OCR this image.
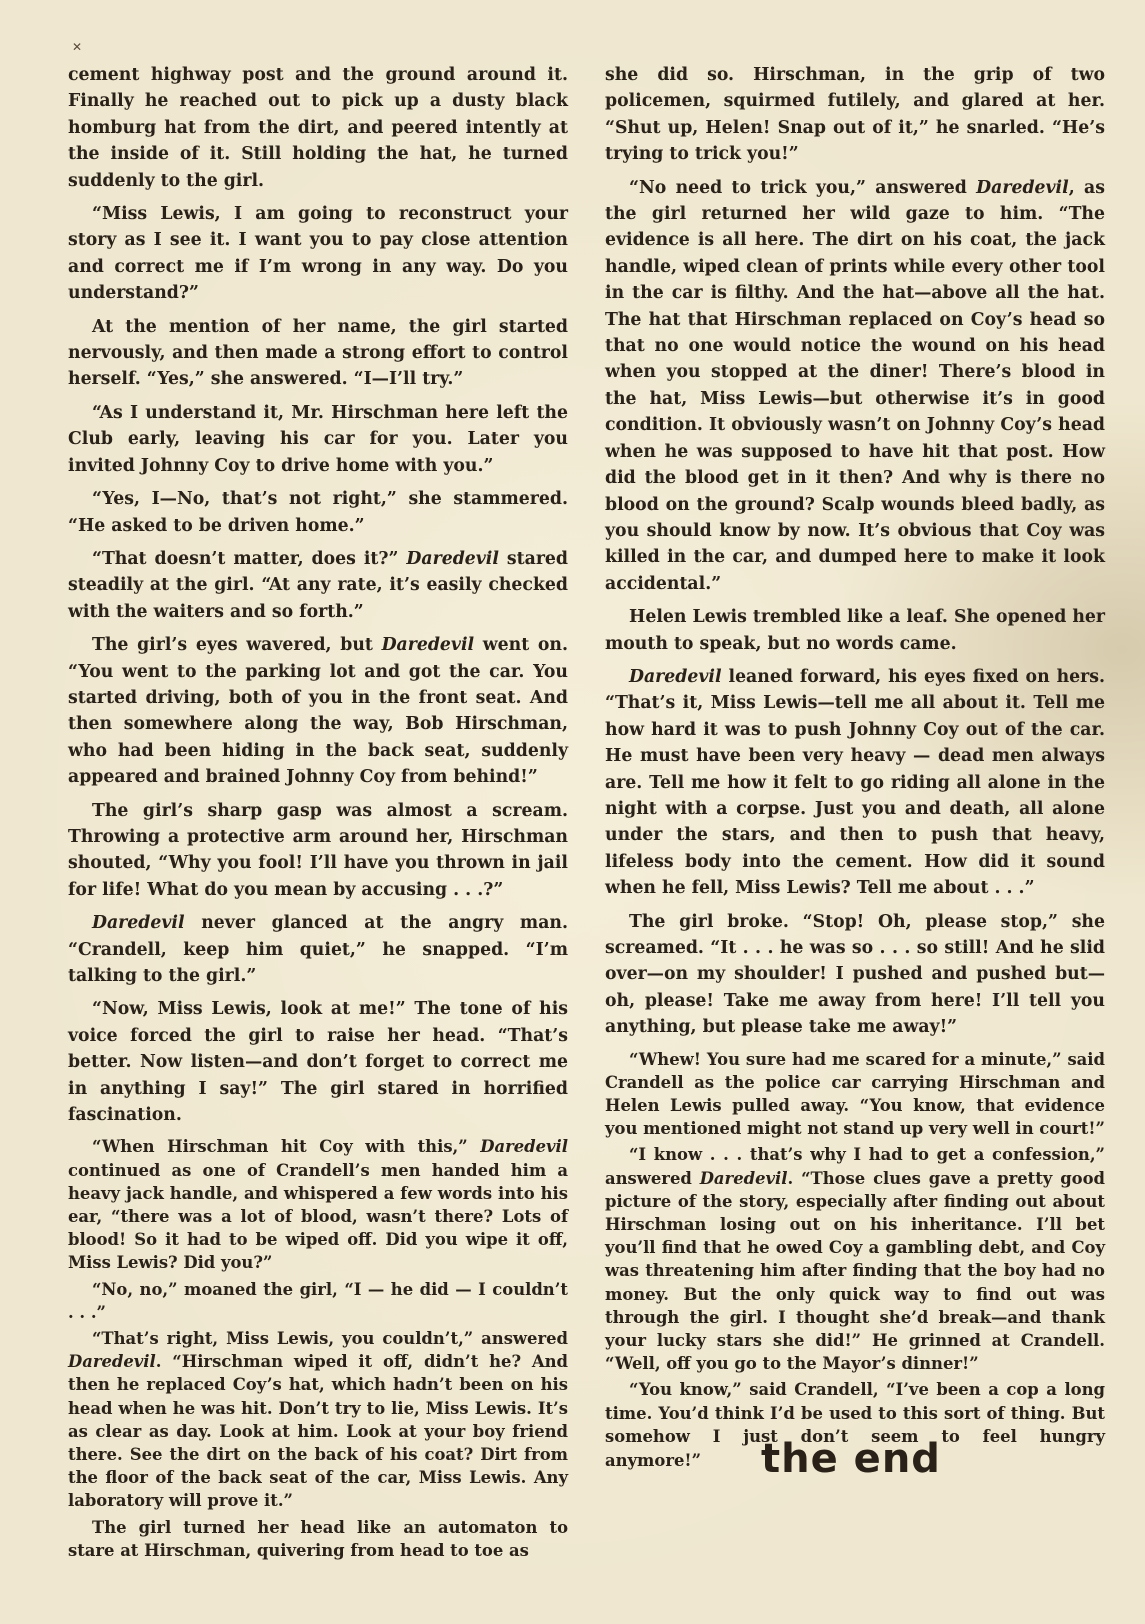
✕

cement highway post and the ground around it. Finally he reached out to pick up a dusty black homburg hat from the dirt, and peered intently at the inside of it. Still holding the hat, he turned suddenly to the girl.

“Miss Lewis, I am going to reconstruct your story as I see it. I want you to pay close attention and correct me if I’m wrong in any way. Do you understand?”

At the mention of her name, the girl started nervously, and then made a strong effort to control herself. “Yes,” she answered. “I—I’ll try.”

“As I understand it, Mr. Hirschman here left the Club early, leaving his car for you. Later you invited Johnny Coy to drive home with you.”

“Yes, I—No, that’s not right,” she stammered. “He asked to be driven home.”

“That doesn’t matter, does it?” Daredevil stared steadily at the girl. “At any rate, it’s easily checked with the waiters and so forth.”

The girl’s eyes wavered, but Daredevil went on. “You went to the parking lot and got the car. You started driving, both of you in the front seat. And then somewhere along the way, Bob Hirschman, who had been hiding in the back seat, suddenly appeared and brained Johnny Coy from behind!”

The girl’s sharp gasp was almost a scream. Throwing a protective arm around her, Hirschman shouted, “Why you fool! I’ll have you thrown in jail for life! What do you mean by accusing . . .?”

Daredevil never glanced at the angry man. “Crandell, keep him quiet,” he snapped. “I’m talking to the girl.”

“Now, Miss Lewis, look at me!” The tone of his voice forced the girl to raise her head. “That’s better. Now listen—and don’t forget to correct me in anything I say!” The girl stared in horrified fascination.

“When Hirschman hit Coy with this,” Daredevil continued as one of Crandell’s men handed him a heavy jack handle, and whispered a few words into his ear, “there was a lot of blood, wasn’t there? Lots of blood! So it had to be wiped off. Did you wipe it off, Miss Lewis? Did you?”

“No, no,” moaned the girl, “I — he did — I couldn’t . . .”

“That’s right, Miss Lewis, you couldn’t,” answered Daredevil. “Hirschman wiped it off, didn’t he? And then he replaced Coy’s hat, which hadn’t been on his head when he was hit. Don’t try to lie, Miss Lewis. It’s as clear as day. Look at him. Look at your boy friend there. See the dirt on the back of his coat? Dirt from the floor of the back seat of the car, Miss Lewis. Any laboratory will prove it.”

The girl turned her head like an automaton to stare at Hirschman, quivering from head to toe as

she did so. Hirschman, in the grip of two policemen, squirmed futilely, and glared at her. “Shut up, Helen! Snap out of it,” he snarled. “He’s trying to trick you!”

“No need to trick you,” answered Daredevil, as the girl returned her wild gaze to him. “The evidence is all here. The dirt on his coat, the jack handle, wiped clean of prints while every other tool in the car is filthy. And the hat—above all the hat. The hat that Hirschman replaced on Coy’s head so that no one would notice the wound on his head when you stopped at the diner! There’s blood in the hat, Miss Lewis—but otherwise it’s in good condition. It obviously wasn’t on Johnny Coy’s head when he was supposed to have hit that post. How did the blood get in it then? And why is there no blood on the ground? Scalp wounds bleed badly, as you should know by now. It’s obvious that Coy was killed in the car, and dumped here to make it look accidental.”

Helen Lewis trembled like a leaf. She opened her mouth to speak, but no words came.

Daredevil leaned forward, his eyes fixed on hers. “That’s it, Miss Lewis—tell me all about it. Tell me how hard it was to push Johnny Coy out of the car. He must have been very heavy — dead men always are. Tell me how it felt to go riding all alone in the night with a corpse. Just you and death, all alone under the stars, and then to push that heavy, lifeless body into the cement. How did it sound when he fell, Miss Lewis? Tell me about . . .”

The girl broke. “Stop! Oh, please stop,” she screamed. “It . . . he was so . . . so still! And he slid over—on my shoulder! I pushed and pushed but—oh, please! Take me away from here! I’ll tell you anything, but please take me away!”

“Whew! You sure had me scared for a minute,” said Crandell as the police car carrying Hirschman and Helen Lewis pulled away. “You know, that evidence you mentioned might not stand up very well in court!”

“I know . . . that’s why I had to get a confession,” answered Daredevil. “Those clues gave a pretty good picture of the story, especially after finding out about Hirschman losing out on his inheritance. I’ll bet you’ll find that he owed Coy a gambling debt, and Coy was threatening him after finding that the boy had no money. But the only quick way to find out was through the girl. I thought she’d break—and thank your lucky stars she did!” He grinned at Crandell. “Well, off you go to the Mayor’s dinner!”

“You know,” said Crandell, “I’ve been a cop a long time. You’d think I’d be used to this sort of thing. But somehow I just don’t seem to feel hungry anymore!” the end
